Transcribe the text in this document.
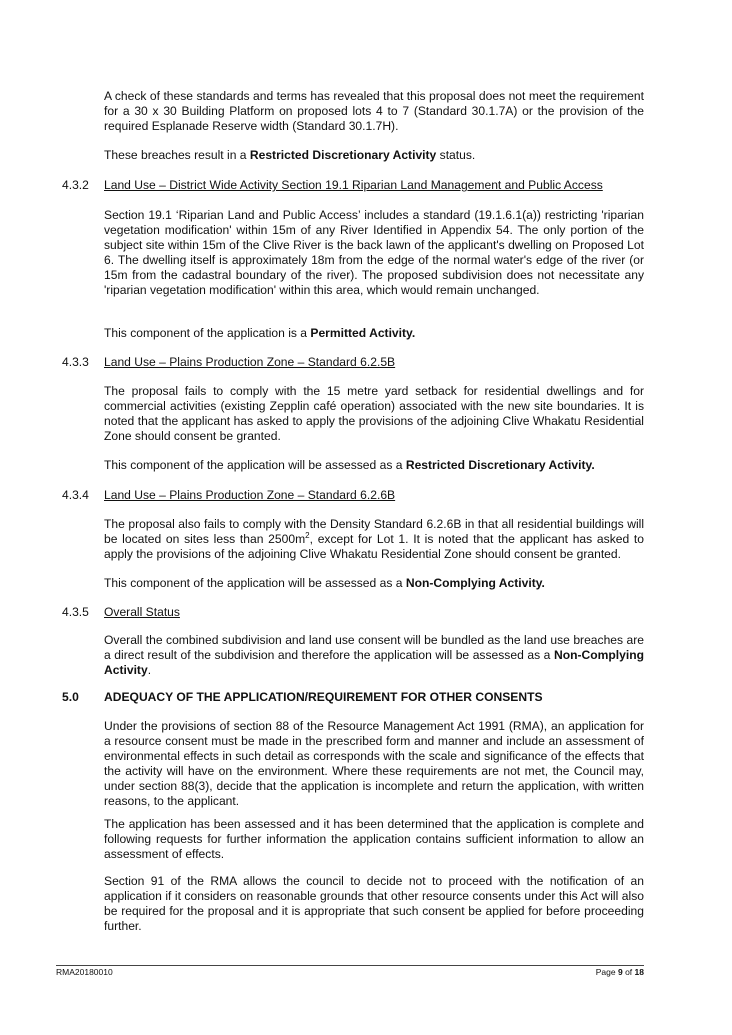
A check of these standards and terms has revealed that this proposal does not meet the requirement for a 30 x 30 Building Platform on proposed lots 4 to 7 (Standard 30.1.7A) or the provision of the required Esplanade Reserve width (Standard 30.1.7H).

These breaches result in a Restricted Discretionary Activity status.

4.3.2 Land Use – District Wide Activity Section 19.1 Riparian Land Management and Public Access

Section 19.1 ‘Riparian Land and Public Access’ includes a standard (19.1.6.1(a)) restricting 'riparian vegetation modification' within 15m of any River Identified in Appendix 54. The only portion of the subject site within 15m of the Clive River is the back lawn of the applicant's dwelling on Proposed Lot 6. The dwelling itself is approximately 18m from the edge of the normal water's edge of the river (or 15m from the cadastral boundary of the river). The proposed subdivision does not necessitate any 'riparian vegetation modification' within this area, which would remain unchanged.

This component of the application is a Permitted Activity.

4.3.3 Land Use – Plains Production Zone – Standard 6.2.5B

The proposal fails to comply with the 15 metre yard setback for residential dwellings and for commercial activities (existing Zepplin café operation) associated with the new site boundaries. It is noted that the applicant has asked to apply the provisions of the adjoining Clive Whakatu Residential Zone should consent be granted.

This component of the application will be assessed as a Restricted Discretionary Activity.

4.3.4 Land Use – Plains Production Zone – Standard 6.2.6B

The proposal also fails to comply with the Density Standard 6.2.6B in that all residential buildings will be located on sites less than $2500m^2$, except for Lot 1. It is noted that the applicant has asked to apply the provisions of the adjoining Clive Whakatu Residential Zone should consent be granted.

This component of the application will be assessed as a Non-Complying Activity.

4.3.5 Overall Status

Overall the combined subdivision and land use consent will be bundled as the land use breaches are a direct result of the subdivision and therefore the application will be assessed as a Non-Complying Activity.

5.0 ADEQUACY OF THE APPLICATION/REQUIREMENT FOR OTHER CONSENTS

Under the provisions of section 88 of the Resource Management Act 1991 (RMA), an application for a resource consent must be made in the prescribed form and manner and include an assessment of environmental effects in such detail as corresponds with the scale and significance of the effects that the activity will have on the environment. Where these requirements are not met, the Council may, under section 88(3), decide that the application is incomplete and return the application, with written reasons, to the applicant.

The application has been assessed and it has been determined that the application is complete and following requests for further information the application contains sufficient information to allow an assessment of effects.

Section 91 of the RMA allows the council to decide not to proceed with the notification of an application if it considers on reasonable grounds that other resource consents under this Act will also be required for the proposal and it is appropriate that such consent be applied for before proceeding further.

RMA20180010	Page 9 of 18
